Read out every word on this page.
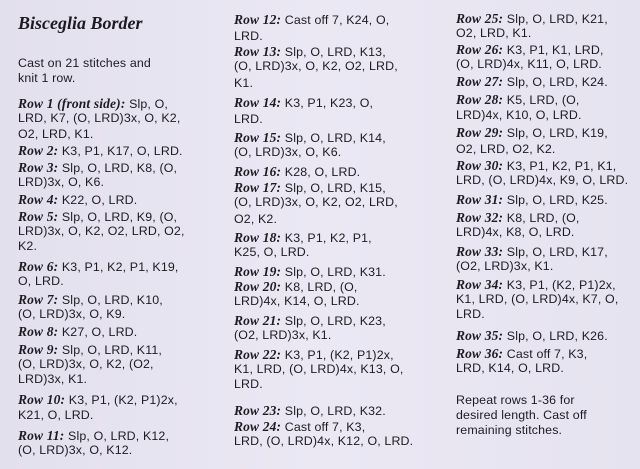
Bisceglia Border
Cast on 21 stitches and
knit 1 row.
Row 1 (front side): Slp, O,
LRD, K7, (O, LRD)3x, O, K2,
O2, LRD, K1.
Row 2: K3, P1, K17, O, LRD.
Row 3: Slp, O, LRD, K8, (O,
LRD)3x, O, K6.
Row 4: K22, O, LRD.
Row 5: Slp, O, LRD, K9, (O,
LRD)3x, O, K2, O2, LRD, O2,
K2.
Row 6: K3, P1, K2, P1, K19,
O, LRD.
Row 7: Slp, O, LRD, K10,
(O, LRD)3x, O, K9.
Row 8: K27, O, LRD.
Row 9: Slp, O, LRD, K11,
(O, LRD)3x, O, K2, (O2,
LRD)3x, K1.
Row 10: K3, P1, (K2, P1)2x,
K21, O, LRD.
Row 11: Slp, O, LRD, K12,
(O, LRD)3x, O, K12.
Row 12: Cast off 7, K24, O,
LRD.
Row 13: Slp, O, LRD, K13,
(O, LRD)3x, O, K2, O2, LRD,
K1.
Row 14: K3, P1, K23, O,
LRD.
Row 15: Slp, O, LRD, K14,
(O, LRD)3x, O, K6.
Row 16: K28, O, LRD.
Row 17: Slp, O, LRD, K15,
(O, LRD)3x, O, K2, O2, LRD,
O2, K2.
Row 18: K3, P1, K2, P1,
K25, O, LRD.
Row 19: Slp, O, LRD, K31.
Row 20: K8, LRD, (O,
LRD)4x, K14, O, LRD.
Row 21: Slp, O, LRD, K23,
(O2, LRD)3x, K1.
Row 22: K3, P1, (K2, P1)2x,
K1, LRD, (O, LRD)4x, K13, O,
LRD.
Row 23: Slp, O, LRD, K32.
Row 24: Cast off 7, K3,
LRD, (O, LRD)4x, K12, O, LRD.
Row 25: Slp, O, LRD, K21,
O2, LRD, K1.
Row 26: K3, P1, K1, LRD,
(O, LRD)4x, K11, O, LRD.
Row 27: Slp, O, LRD, K24.
Row 28: K5, LRD, (O,
LRD)4x, K10, O, LRD.
Row 29: Slp, O, LRD, K19,
O2, LRD, O2, K2.
Row 30: K3, P1, K2, P1, K1,
LRD, (O, LRD)4x, K9, O, LRD.
Row 31: Slp, O, LRD, K25.
Row 32: K8, LRD, (O,
LRD)4x, K8, O, LRD.
Row 33: Slp, O, LRD, K17,
(O2, LRD)3x, K1.
Row 34: K3, P1, (K2, P1)2x,
K1, LRD, (O, LRD)4x, K7, O,
LRD.
Row 35: Slp, O, LRD, K26.
Row 36: Cast off 7, K3,
LRD, K14, O, LRD.
Repeat rows 1-36 for
desired length. Cast off
remaining stitches.
